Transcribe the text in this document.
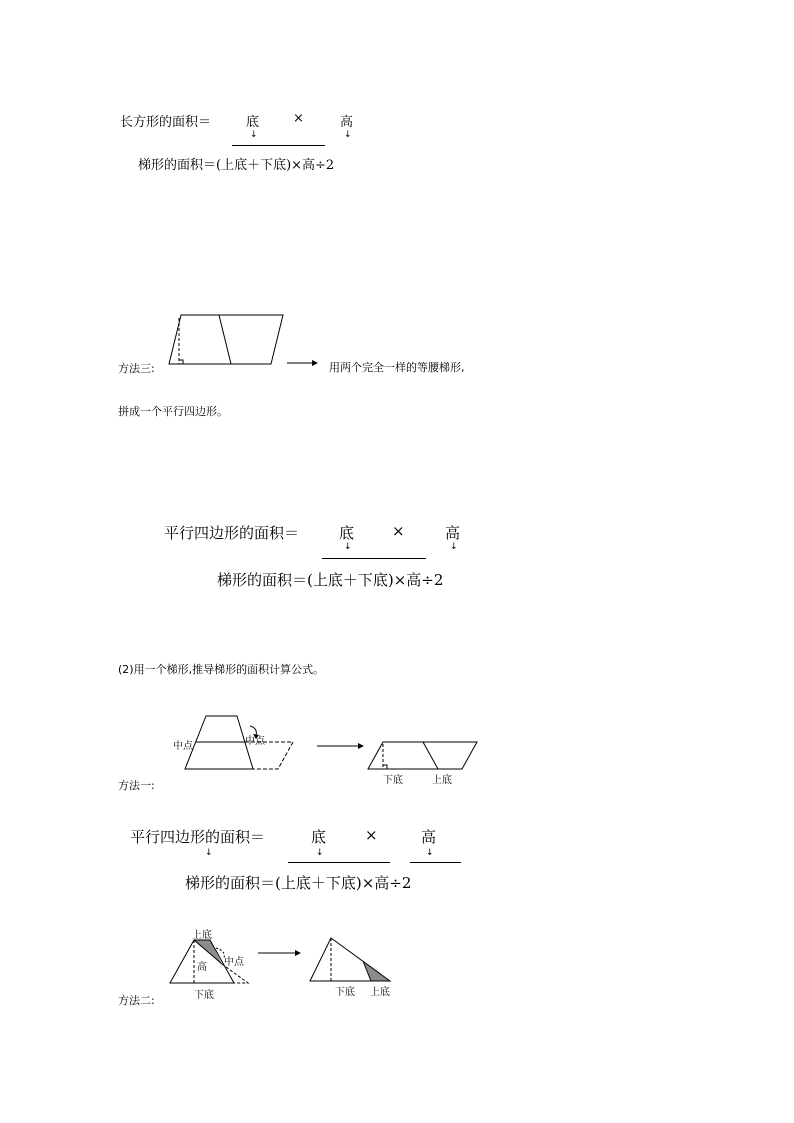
长方形的面积＝	底	×	高
↓	↓
梯形的面积＝(上底＋下底)×高÷2
方法三:	用两个完全一样的等腰梯形,
拼成一个平行四边形。
平行四边形的面积＝	底	×	高
↓	↓
梯形的面积＝(上底＋下底)×高÷2
(2)用一个梯形,推导梯形的面积计算公式。
中点	中点
下底	上底
方法一:
平行四边形的面积＝	底	×	高
↓	↓	↓
梯形的面积＝(上底＋下底)×高÷2
上底
高 中点
下底	下底 上底
方法二:
